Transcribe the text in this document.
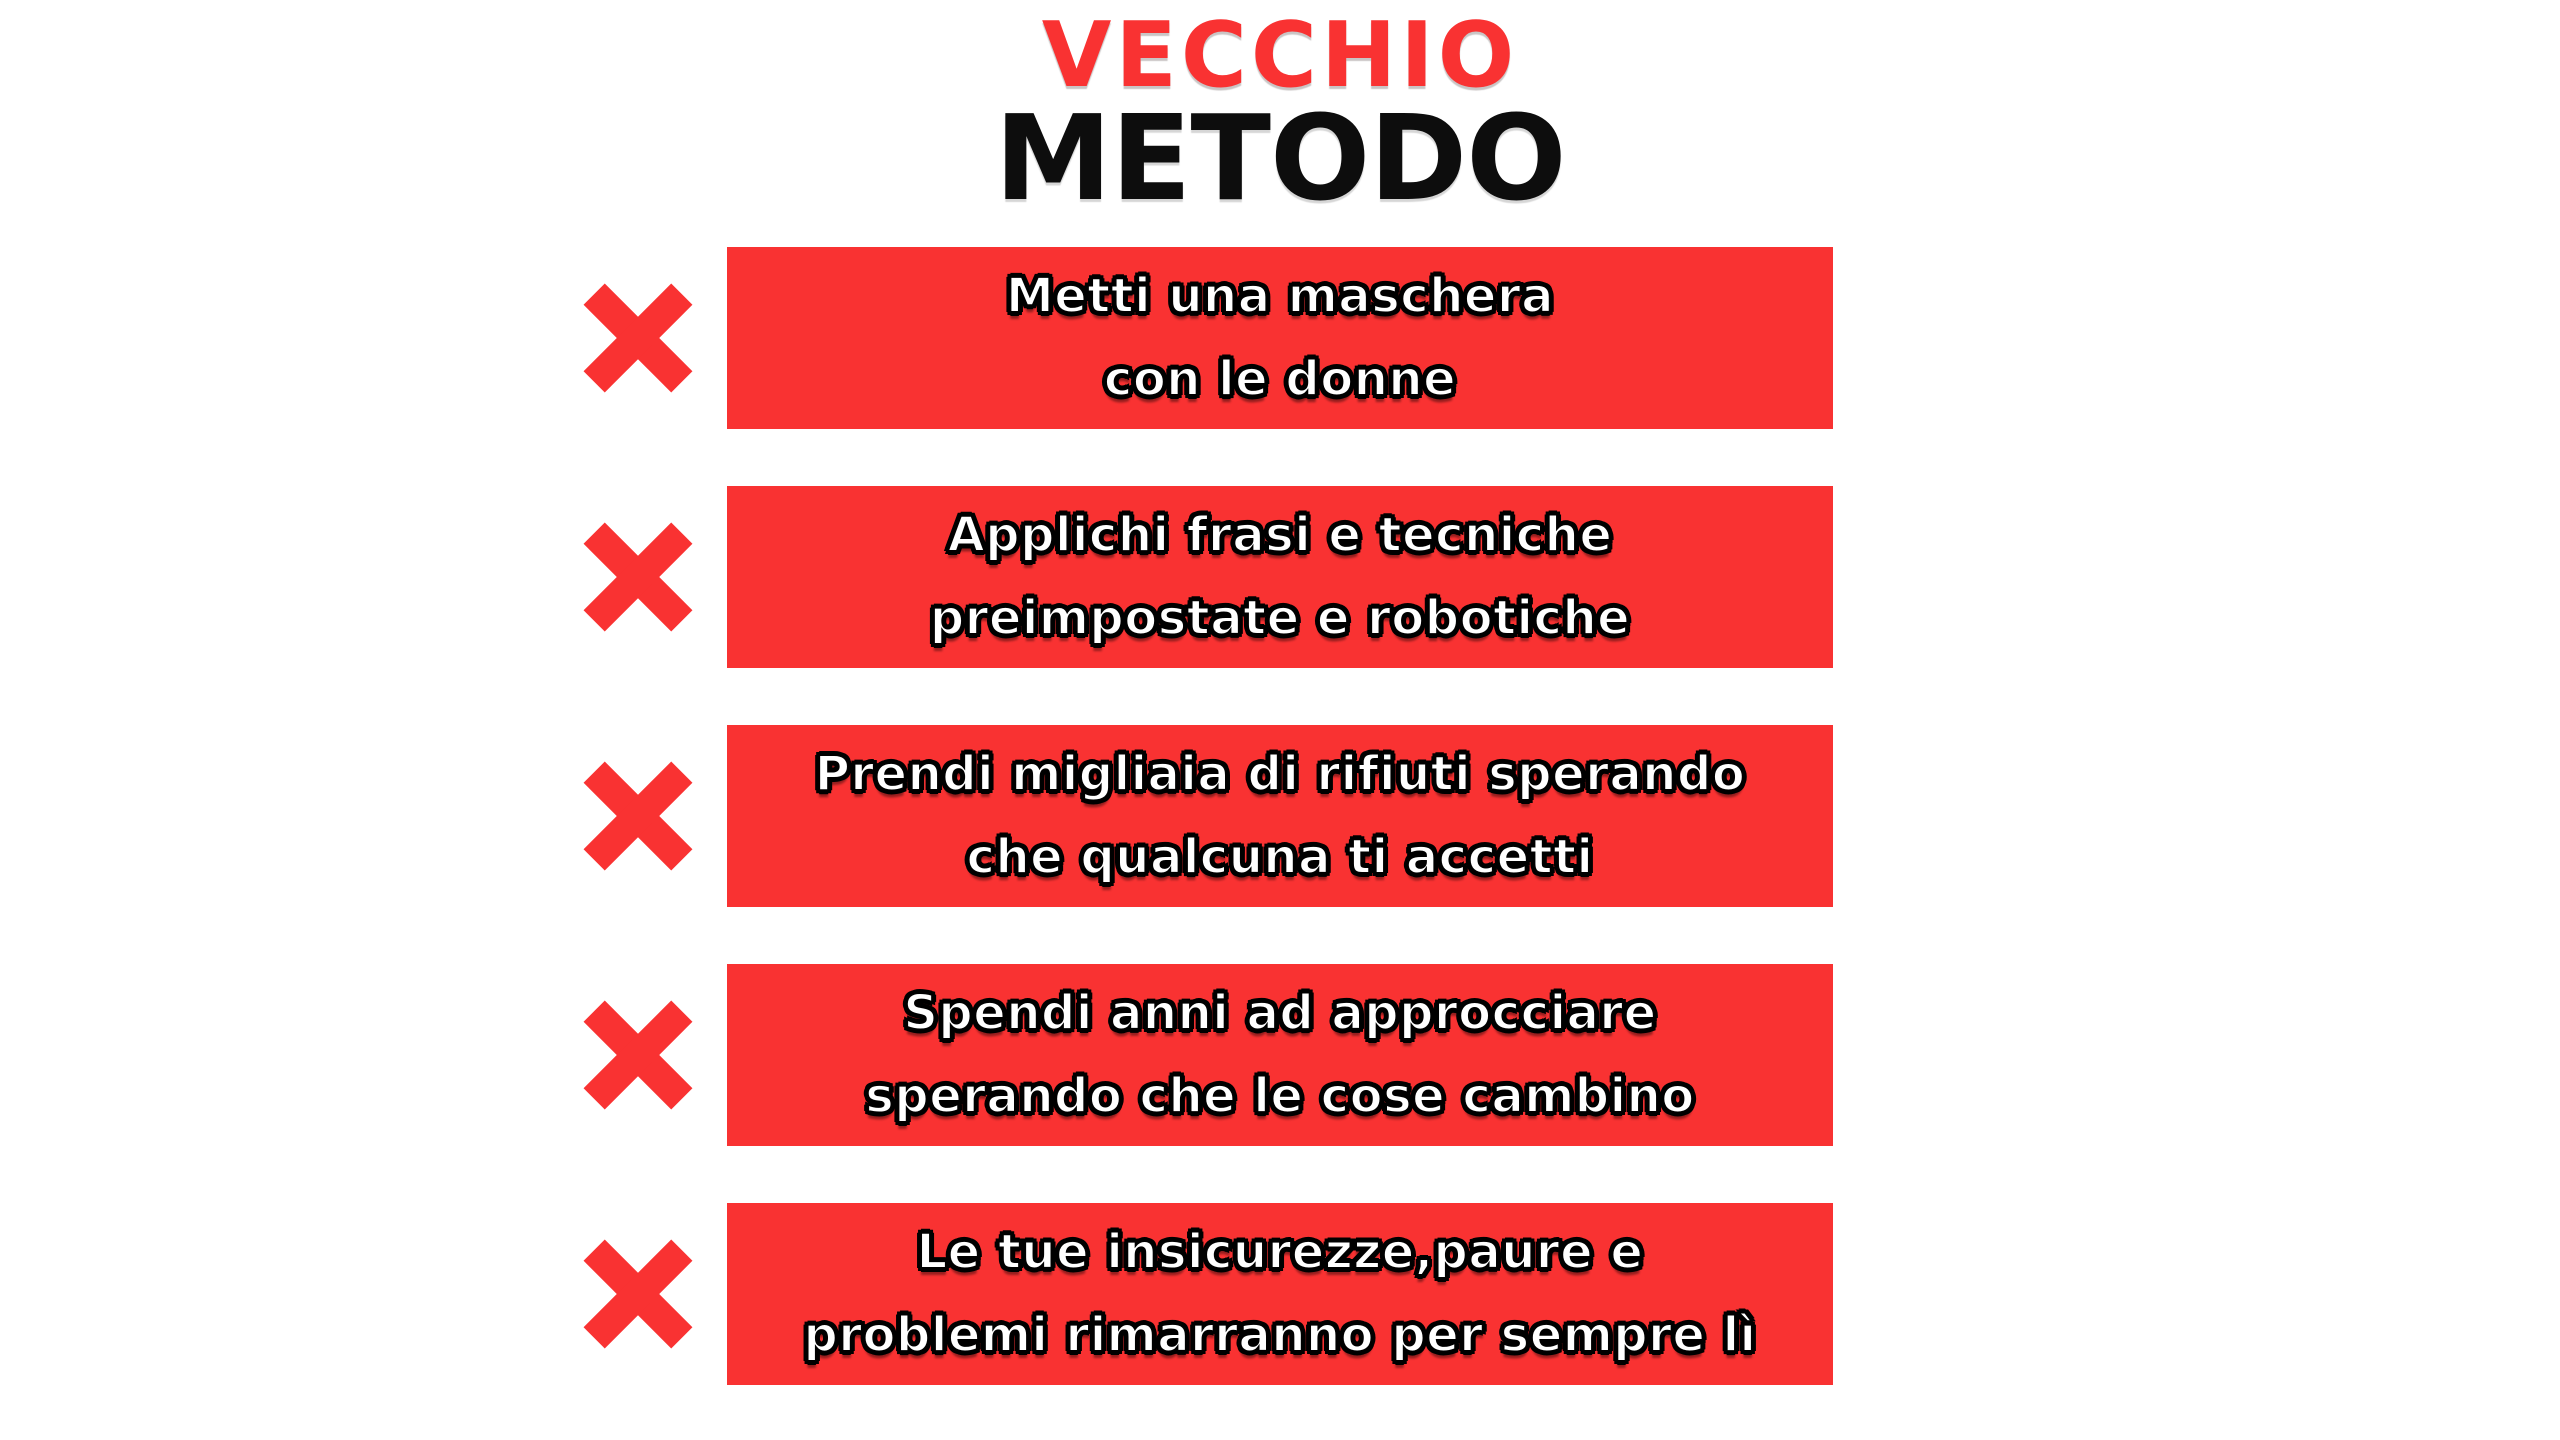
VECCHIO
METODO
Metti una maschera
con le donne
Applichi frasi e tecniche
preimpostate e robotiche
Prendi migliaia di rifiuti sperando
che qualcuna ti accetti
Spendi anni ad approcciare
sperando che le cose cambino
Le tue insicurezze,paure e
problemi rimarranno per sempre lì
